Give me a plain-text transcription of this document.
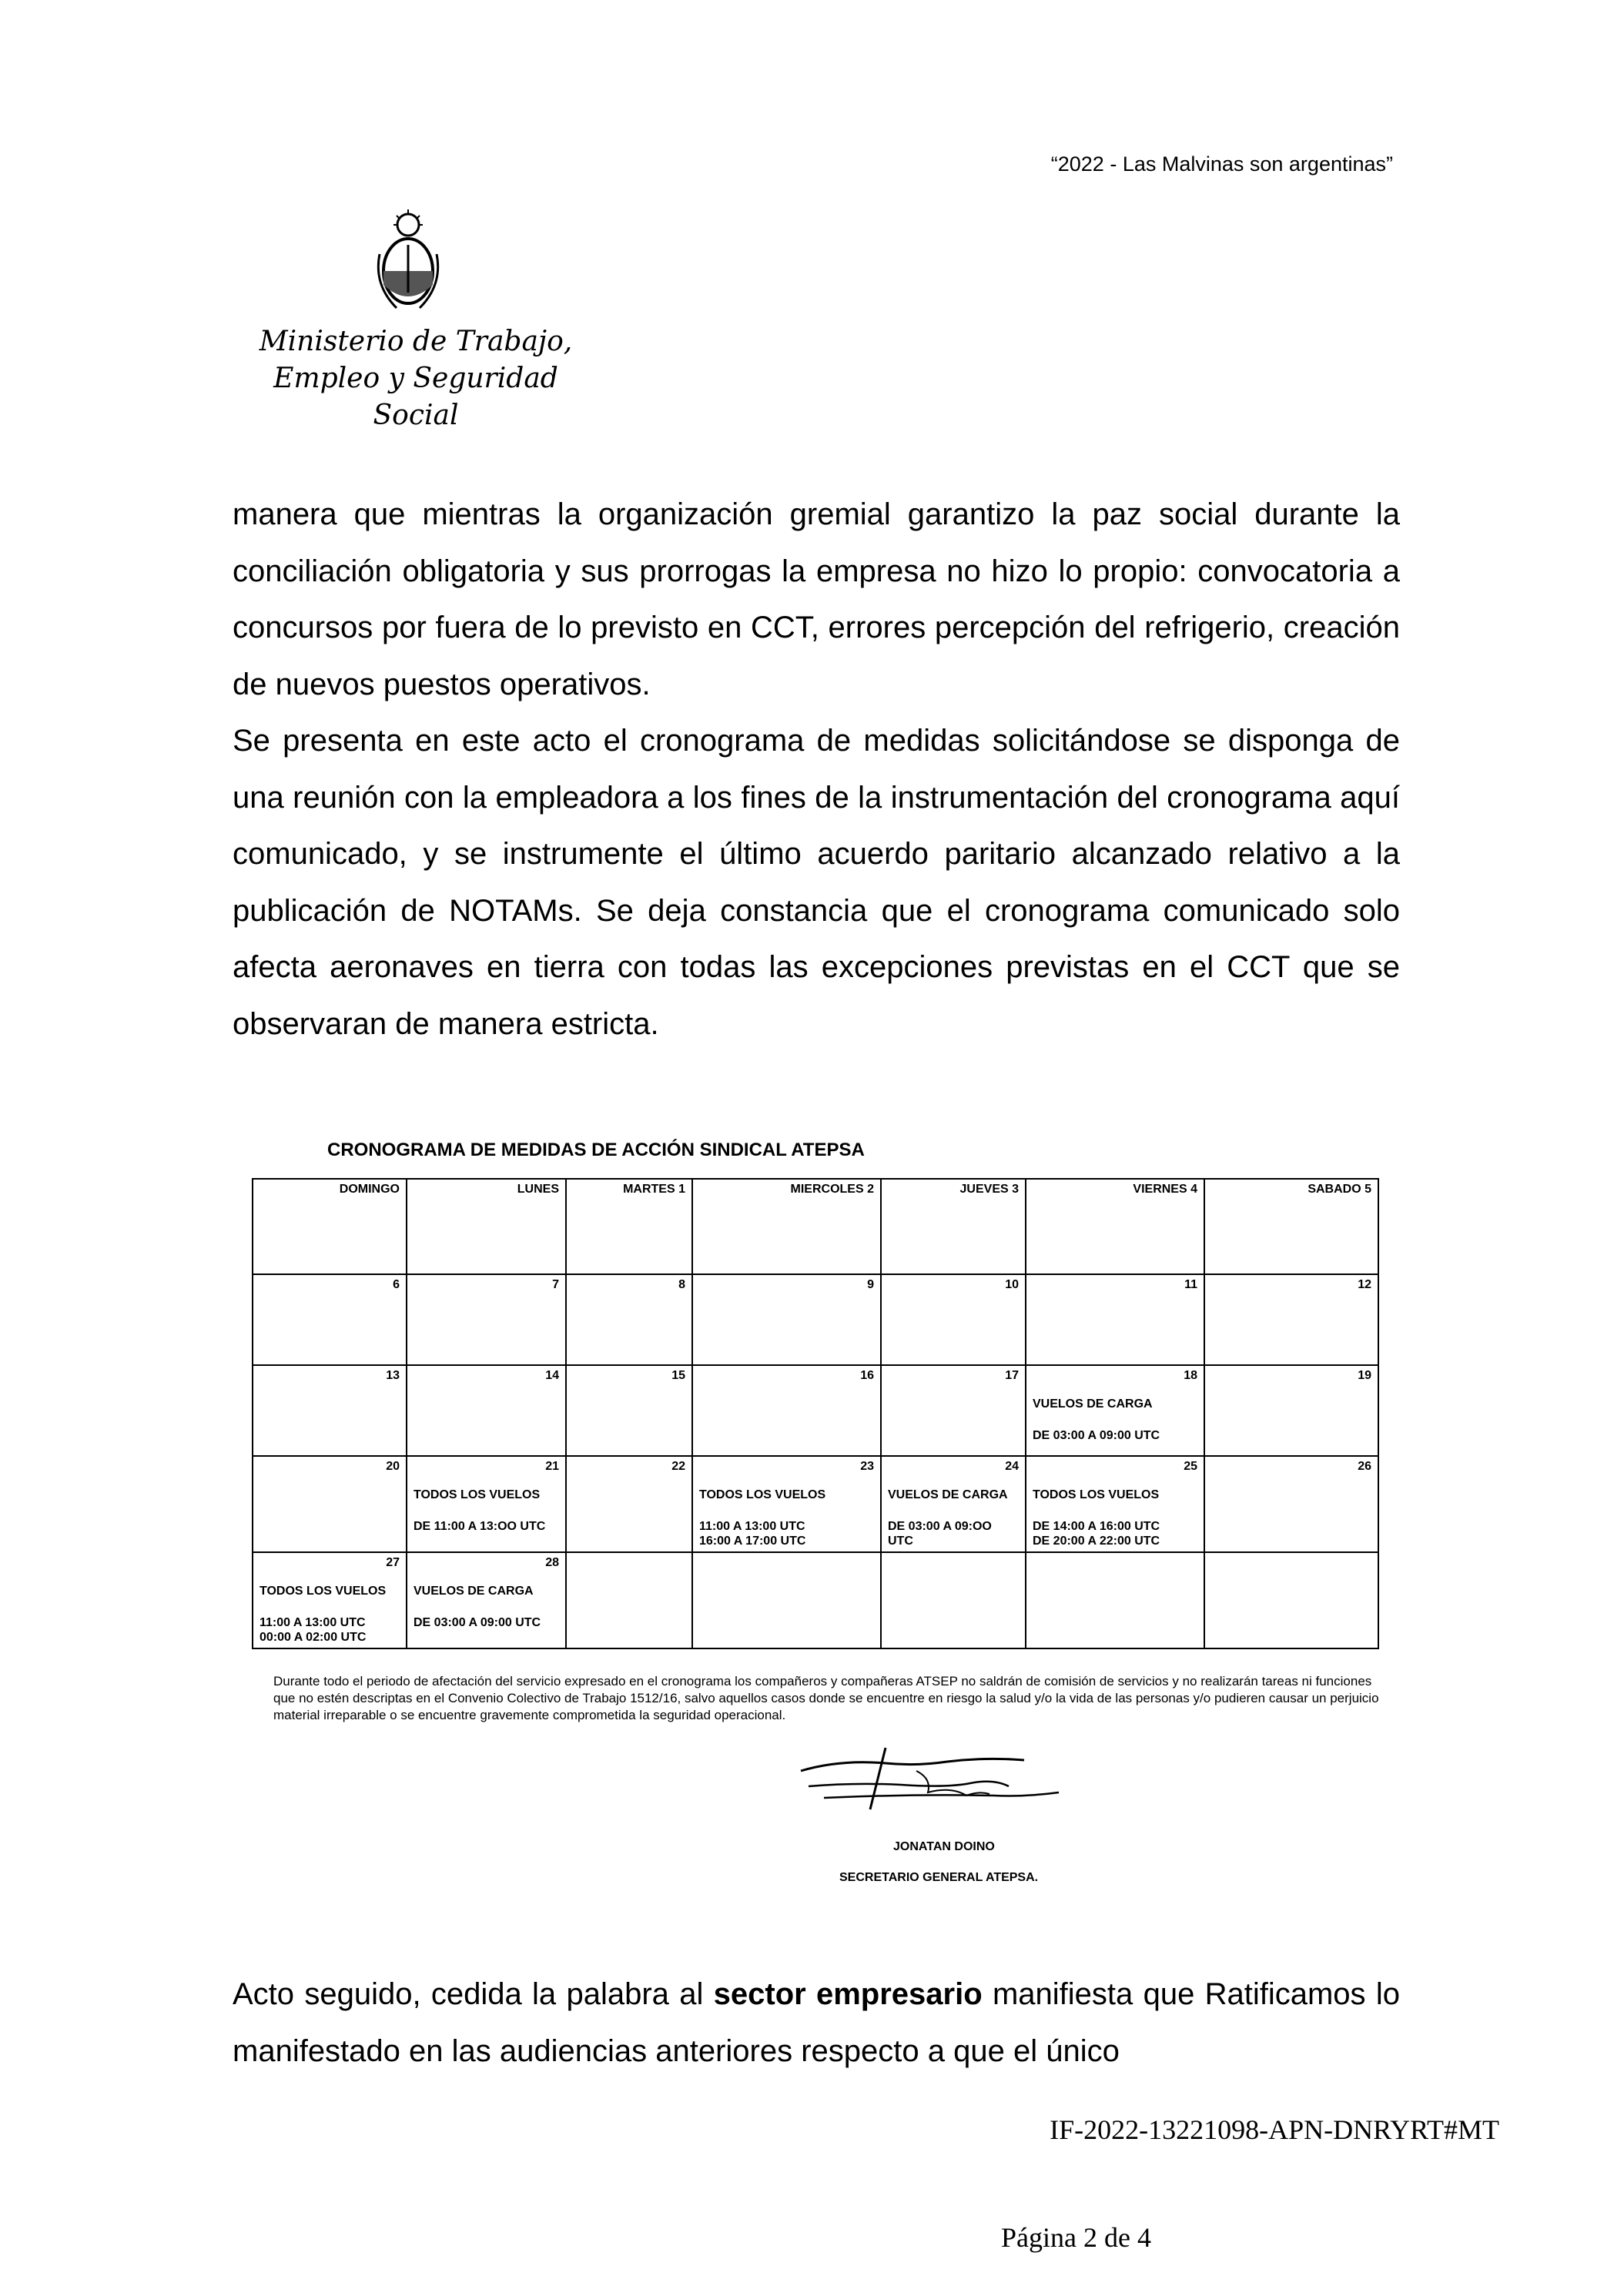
“2022 - Las Malvinas son argentinas”
Ministerio de Trabajo,
Empleo y Seguridad Social

manera que mientras la organización gremial garantizo la paz social durante la conciliación obligatoria y sus prorrogas la empresa no hizo lo propio: convocatoria a concursos por fuera de lo previsto en CCT, errores percepción del refrigerio, creación de nuevos puestos operativos.

Se presenta en este acto el cronograma de medidas solicitándose se disponga de una reunión con la empleadora a los fines de la instrumentación del cronograma aquí comunicado, y se instrumente el último acuerdo paritario alcanzado relativo a la publicación de NOTAMs. Se deja constancia que el cronograma comunicado solo afecta aeronaves en tierra con todas las excepciones previstas en el CCT que se observaran de manera estricta.

CRONOGRAMA DE MEDIDAS DE ACCIÓN SINDICAL ATEPSA
DOMINGO	LUNES	MARTES 1	MIERCOLES 2	JUEVES 3	VIERNES 4	SABADO 5

6	7	8	9	10	11	12

13	14	15	16	17	18
VUELOS DE CARGA
DE 03:00 A 09:00 UTC	19

20	21
TODOS LOS VUELOS
DE 11:00 A 13:OO UTC	22	23
TODOS LOS VUELOS
11:00 A 13:00 UTC
16:00 A 17:00 UTC	24
VUELOS DE CARGA
DE 03:00 A 09:OO
UTC	25
TODOS LOS VUELOS
DE 14:00 A 16:00 UTC
DE 20:00 A 22:00 UTC	26

27
TODOS LOS VUELOS
11:00 A 13:00 UTC
00:00 A 02:00 UTC	28
VUELOS DE CARGA
DE 03:00 A 09:00 UTC					

Durante todo el periodo de afectación del servicio expresado en el cronograma los compañeros y compañeras ATSEP no saldrán de comisión de servicios y no realizarán tareas ni funciones que no estén descriptas en el Convenio Colectivo de Trabajo 1512/16, salvo aquellos casos donde se encuentre en riesgo la salud y/o la vida de las personas y/o pudieren causar un perjuicio material irreparable o se encuentre gravemente comprometida la seguridad operacional.
JONATAN DOINO
SECRETARIO GENERAL ATEPSA.

Acto seguido, cedida la palabra al sector empresario manifiesta que Ratificamos lo manifestado en las audiencias anteriores respecto a que el único

IF-2022-13221098-APN-DNRYRT#MT
Página 2 de 4
